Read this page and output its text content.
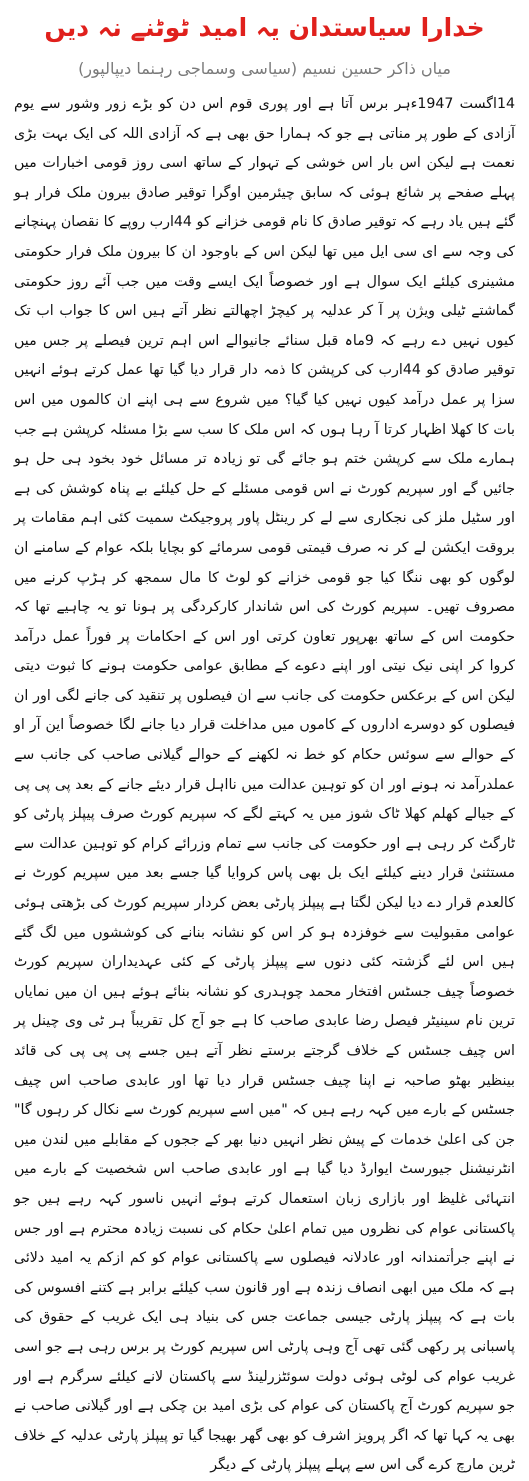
خدارا سیاستدان یہ امید ٹوٹنے نہ دیں
میاں ذاکر حسین نسیم (سیاسی وسماجی رہنما دیپالپور)

14اگست 1947ءہر برس آتا ہے اور پوری قوم اس دن کو بڑے زور وشور سے یوم آزادی کے طور پر مناتی ہے جو کہ ہمارا حق بھی ہے کہ آزادی اللہ کی ایک بہت بڑی نعمت ہے لیکن اس بار اس خوشی کے تہوار کے ساتھ اسی روز قومی اخبارات میں پہلے صفحے پر شائع ہوئی کہ سابق چیئرمین اوگرا توقیر صادق بیرون ملک فرار ہو گئے ہیں یاد رہے کہ توقیر صادق کا نام قومی خزانے کو 44ارب روپے کا نقصان پہنچانے کی وجہ سے ای سی ایل میں تھا لیکن اس کے باوجود ان کا بیرون ملک فرار حکومتی مشینری کیلئے ایک سوال ہے اور خصوصاً ایک ایسے وقت میں جب آئے روز حکومتی گماشتے ٹیلی ویژن پر آ کر عدلیہ پر کیچڑ اچھالتے نظر آتے ہیں اس کا جواب اب تک کیوں نہیں دے رہے کہ 9ماہ قبل سنائے جانیوالے اس اہم ترین فیصلے پر جس میں توقیر صادق کو 44ارب کی کرپشن کا ذمہ دار قرار دیا گیا تھا عمل کرتے ہوئے انہیں سزا پر عمل درآمد کیوں نہیں کیا گیا؟ میں شروع سے ہی اپنے ان کالموں میں اس بات کا کھلا اظہار کرتا آ رہا ہوں کہ اس ملک کا سب سے بڑا مسئلہ کرپشن ہے جب ہمارے ملک سے کرپشن ختم ہو جائے گی تو زیادہ تر مسائل خود بخود ہی حل ہو جائیں گے اور سپریم کورٹ نے اس قومی مسئلے کے حل کیلئے بے پناہ کوشش کی ہے اور سٹیل ملز کی نجکاری سے لے کر رینٹل پاور پروجیکٹ سمیت کئی اہم مقامات پر بروقت ایکشن لے کر نہ صرف قیمتی قومی سرمائے کو بچایا بلکہ عوام کے سامنے ان لوگوں کو بھی ننگا کیا جو قومی خزانے کو لوٹ کا مال سمجھ کر ہڑپ کرنے میں مصروف تھیں۔ سپریم کورٹ کی اس شاندار کارکردگی پر ہونا تو یہ چاہیے تھا کہ حکومت اس کے ساتھ بھرپور تعاون کرتی اور اس کے احکامات پر فوراً عمل درآمد کروا کر اپنی نیک نیتی اور اپنے دعوے کے مطابق عوامی حکومت ہونے کا ثبوت دیتی لیکن اس کے برعکس حکومت کی جانب سے ان فیصلوں پر تنقید کی جانے لگی اور ان فیصلوں کو دوسرے اداروں کے کاموں میں مداخلت قرار دیا جانے لگا خصوصاً این آر او کے حوالے سے سوئس حکام کو خط نہ لکھنے کے حوالے گیلانی صاحب کی جانب سے عملدرآمد نہ ہونے اور ان کو توہین عدالت میں نااہل قرار دیئے جانے کے بعد پی پی پی کے جیالے کھلم کھلا ٹاک شوز میں یہ کہتے لگے کہ سپریم کورٹ صرف پیپلز پارٹی کو ٹارگٹ کر رہی ہے اور حکومت کی جانب سے تمام وزرائے کرام کو توہین عدالت سے مستثنیٰ قرار دینے کیلئے ایک بل بھی پاس کروایا گیا جسے بعد میں سپریم کورٹ نے کالعدم قرار دے دیا لیکن لگتا ہے پیپلز پارٹی بعض کردار سپریم کورٹ کی بڑھتی ہوئی عوامی مقبولیت سے خوفزدہ ہو کر اس کو نشانہ بنانے کی کوششوں میں لگ گئے ہیں اس لئے گزشتہ کئی دنوں سے پیپلز پارٹی کے کئی عہدیداران سپریم کورٹ خصوصاً چیف جسٹس افتخار محمد چوہدری کو نشانہ بنائے ہوئے ہیں ان میں نمایاں ترین نام سینیٹر فیصل رضا عابدی صاحب کا ہے جو آج کل تقریباً ہر ٹی وی چینل پر اس چیف جسٹس کے خلاف گرجتے برستے نظر آتے ہیں جسے پی پی پی کی قائد بینظیر بھٹو صاحبہ نے اپنا چیف جسٹس قرار دیا تھا اور عابدی صاحب اس چیف جسٹس کے بارے میں کہہ رہے ہیں کہ "میں اسے سپریم کورٹ سے نکال کر رہوں گا" جن کی اعلیٰ خدمات کے پیش نظر انہیں دنیا بھر کے ججوں کے مقابلے میں لندن میں انٹرنیشنل جیورسٹ ایوارڈ دیا گیا ہے اور عابدی صاحب اس شخصیت کے بارے میں انتہائی غلیظ اور بازاری زبان استعمال کرتے ہوئے انہیں ناسور کہہ رہے ہیں جو پاکستانی عوام کی نظروں میں تمام اعلیٰ حکام کی نسبت زیادہ محترم ہے اور جس نے اپنے جرأتمندانہ اور عادلانہ فیصلوں سے پاکستانی عوام کو کم ازکم یہ امید دلائی ہے کہ ملک میں ابھی انصاف زندہ ہے اور قانون سب کیلئے برابر ہے کتنے افسوس کی بات ہے کہ پیپلز پارٹی جیسی جماعت جس کی بنیاد ہی ایک غریب کے حقوق کی پاسبانی پر رکھی گئی تھی آج وہی پارٹی اس سپریم کورٹ پر برس رہی ہے جو اسی غریب عوام کی لوٹی ہوئی دولت سوئٹزرلینڈ سے پاکستان لانے کیلئے سرگرم ہے اور جو سپریم کورٹ آج پاکستان کی عوام کی بڑی امید بن چکی ہے اور گیلانی صاحب نے بھی یہ کہا تھا کہ اگر پرویز اشرف کو بھی گھر بھیجا گیا تو پیپلز پارٹی عدلیہ کے خلاف ٹرین مارچ کرے گی اس سے پہلے پیپلز پارٹی کے دیگر
